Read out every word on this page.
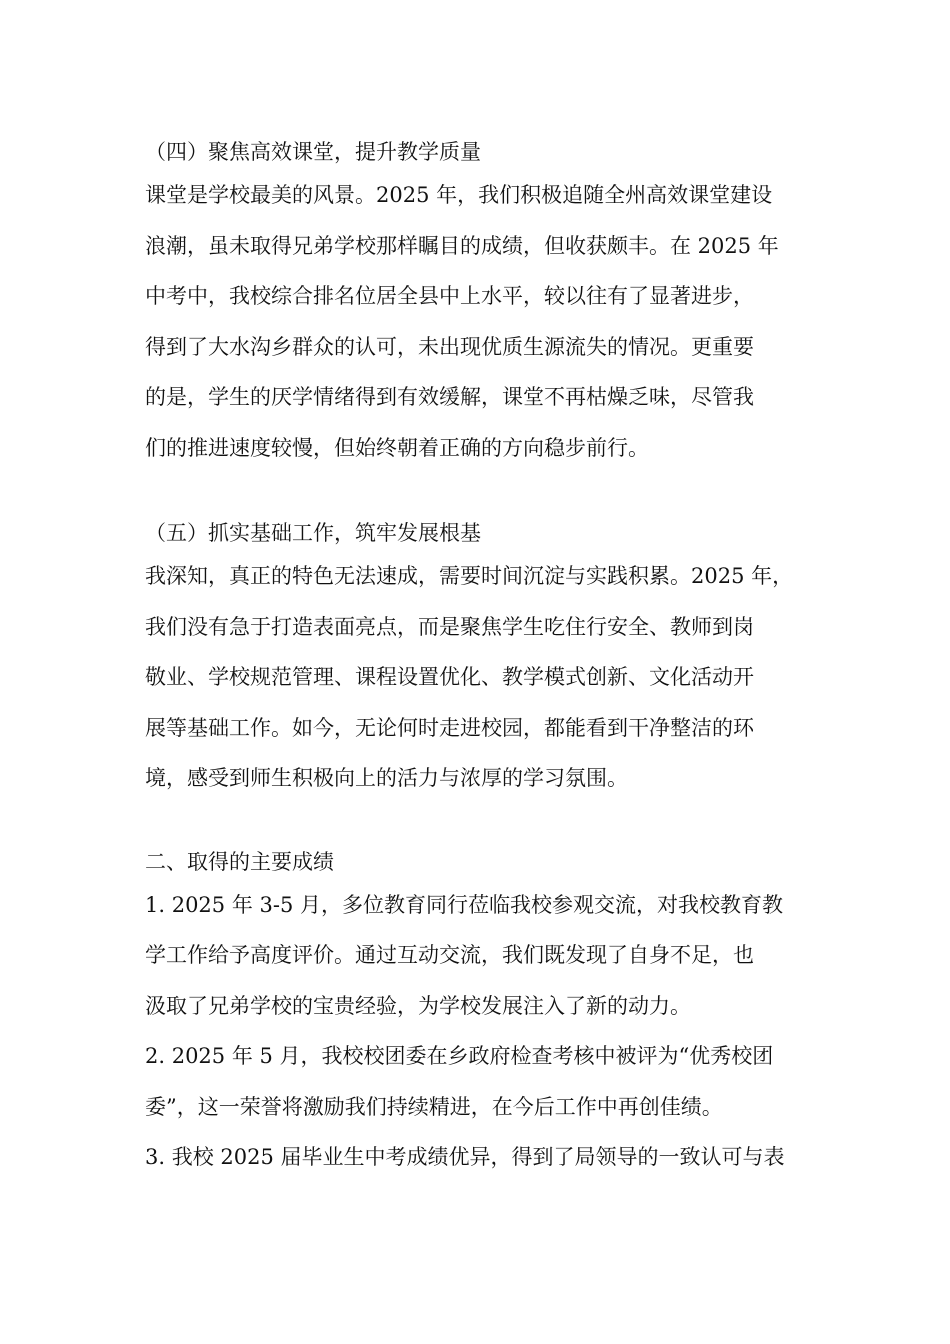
（四）聚焦高效课堂，提升教学质量
课堂是学校最美的风景。2025 年，我们积极追随全州高效课堂建设
浪潮，虽未取得兄弟学校那样瞩目的成绩，但收获颇丰。在 2025 年
中考中，我校综合排名位居全县中上水平，较以往有了显著进步，
得到了大水沟乡群众的认可，未出现优质生源流失的情况。更重要
的是，学生的厌学情绪得到有效缓解，课堂不再枯燥乏味，尽管我
们的推进速度较慢，但始终朝着正确的方向稳步前行。
（五）抓实基础工作，筑牢发展根基
我深知，真正的特色无法速成，需要时间沉淀与实践积累。2025 年，
我们没有急于打造表面亮点，而是聚焦学生吃住行安全、教师到岗
敬业、学校规范管理、课程设置优化、教学模式创新、文化活动开
展等基础工作。如今，无论何时走进校园，都能看到干净整洁的环
境，感受到师生积极向上的活力与浓厚的学习氛围。
二、取得的主要成绩
1. 2025 年 3-5 月，多位教育同行莅临我校参观交流，对我校教育教
学工作给予高度评价。通过互动交流，我们既发现了自身不足，也
汲取了兄弟学校的宝贵经验，为学校发展注入了新的动力。
2. 2025 年 5 月，我校校团委在乡政府检查考核中被评为“优秀校团
委”，这一荣誉将激励我们持续精进，在今后工作中再创佳绩。
3. 我校 2025 届毕业生中考成绩优异，得到了局领导的一致认可与表
